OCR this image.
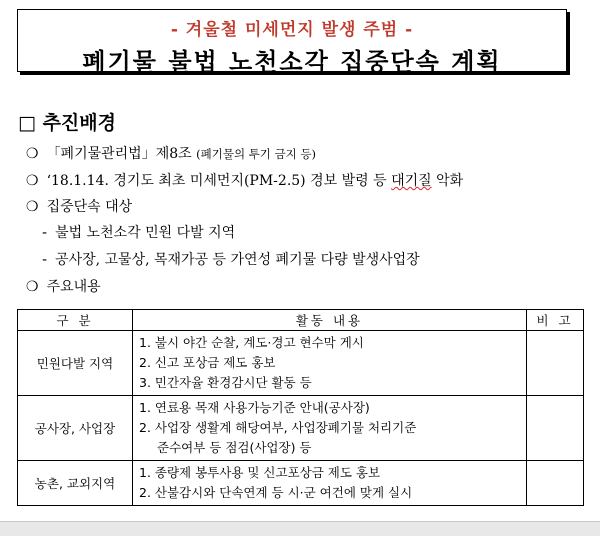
- 겨울철 미세먼지 발생 주범 -
폐기물 불법 노천소각 집중단속 계획
□ 추진배경
❍ 「폐기물관리법」제8조 (폐기물의 투기 금지 등)
❍ ‘18.1.14. 경기도 최초 미세먼지(PM-2.5) 경보 발령 등 대기질 악화
❍ 집중단속 대상
- 불법 노천소각 민원 다발 지역
- 공사장, 고물상, 목재가공 등 가연성 폐기물 다량 발생사업장
❍ 주요내용
구 분	활동 내용	비 고
민원다발 지역	1. 불시 야간 순찰, 계도·경고 현수막 게시
2. 신고 포상금 제도 홍보
3. 민간자율 환경감시단 활동 등	

공사장, 사업장	1. 연료용 목재 사용가능기준 안내(공사장)
2. 사업장 생활계 해당여부, 사업장폐기물 처리기준
준수여부 등 점검(사업장) 등	

농촌, 교외지역	1. 종량제 봉투사용 및 신고포상금 제도 홍보
2. 산불감시와 단속연계 등 시·군 여건에 맞게 실시	
